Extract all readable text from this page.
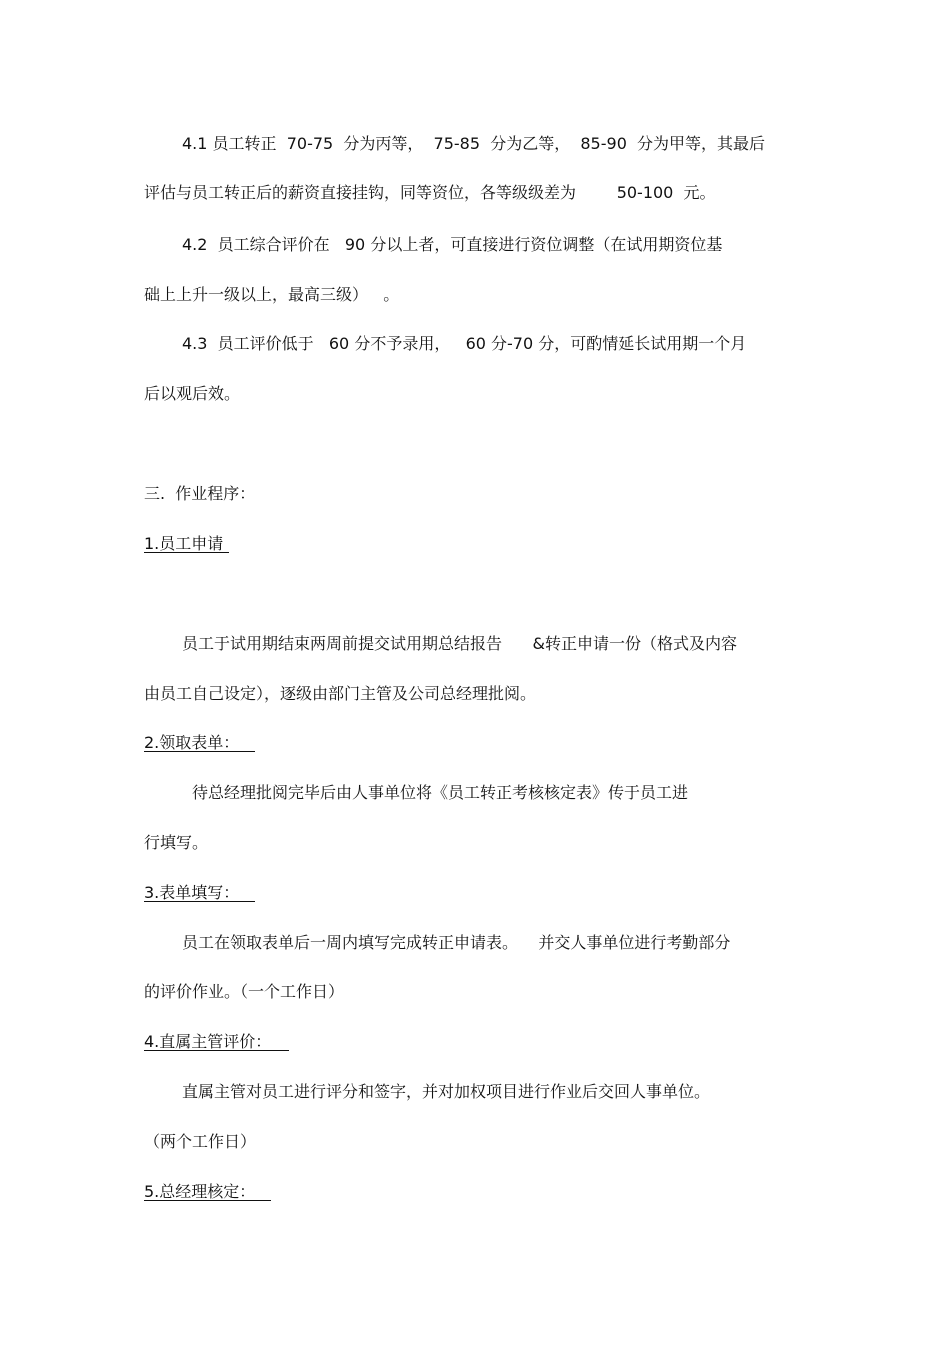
4.1 员工转正  70-75  分为丙等，  75-85  分为乙等，  85-90  分为甲等，其最后
评估与员工转正后的薪资直接挂钩，同等资位，各等级级差为        50-100  元。
4.2  员工综合评价在   90 分以上者，可直接进行资位调整（在试用期资位基
础上上升一级以上，最高三级）   。
4.3  员工评价低于   60 分不予录用，   60 分-70 分，可酌情延长试用期一个月
后以观后效。
三.  作业程序：
1.员工申请
员工于试用期结束两周前提交试用期总结报告      &转正申请一份（格式及内容
由员工自己设定），逐级由部门主管及公司总经理批阅。
2.领取表单：
待总经理批阅完毕后由人事单位将《员工转正考核核定表》传于员工进
行填写。
3.表单填写：
员工在领取表单后一周内填写完成转正申请表。    并交人事单位进行考勤部分
的评价作业。（一个工作日）
4.直属主管评价：
直属主管对员工进行评分和签字，并对加权项目进行作业后交回人事单位。
（两个工作日）
5.总经理核定：
